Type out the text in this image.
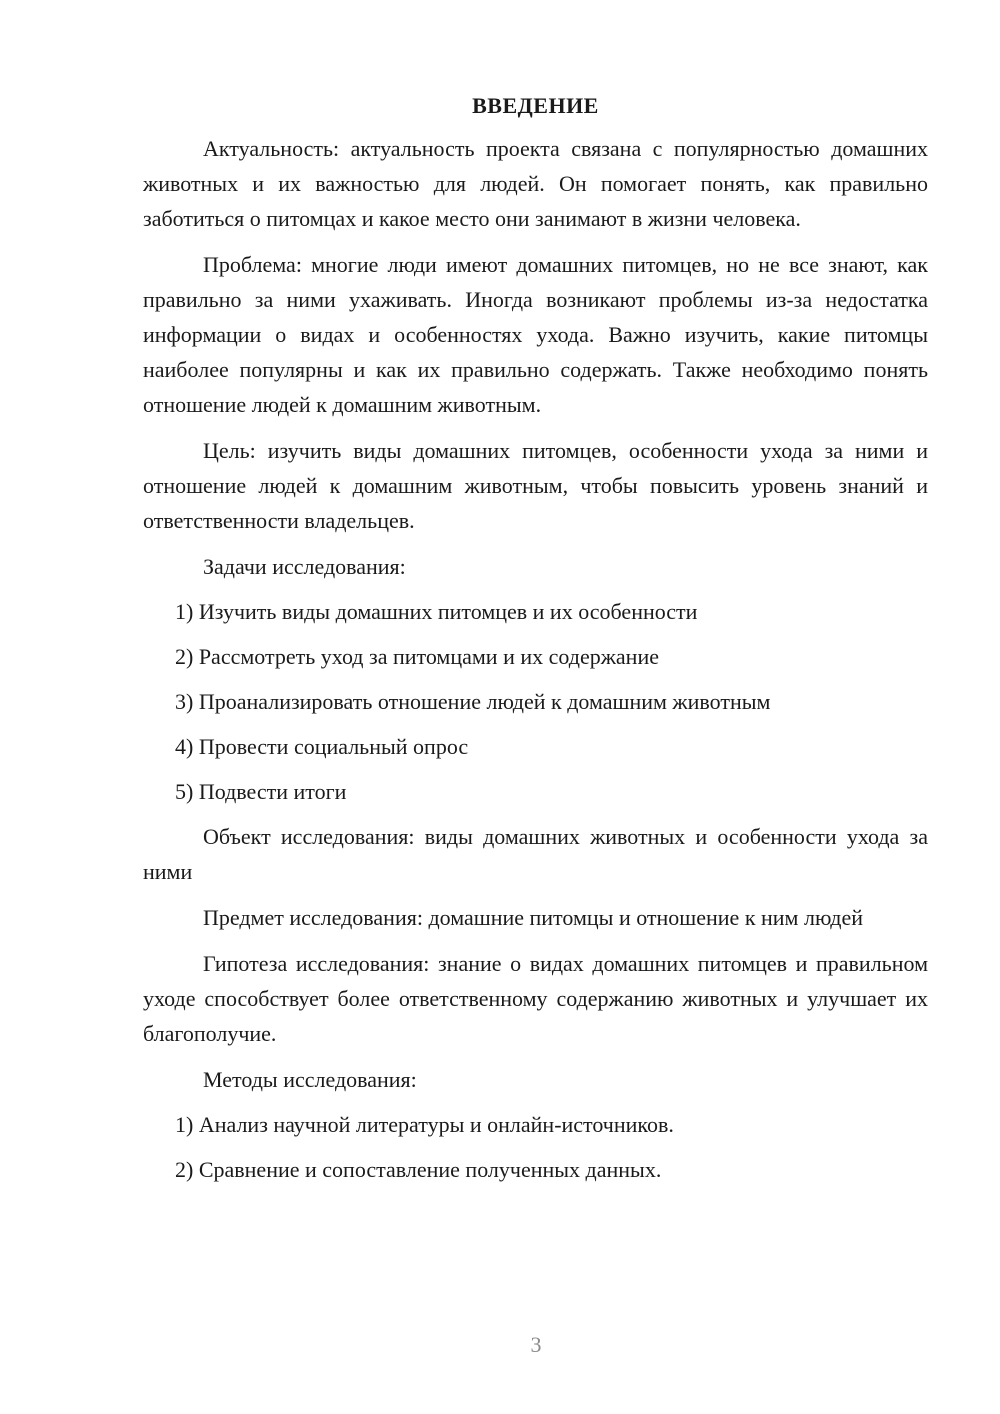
ВВЕДЕНИЕ

Актуальность: актуальность проекта связана с популярностью домашних животных и их важностью для людей. Он помогает понять, как правильно заботиться о питомцах и какое место они занимают в жизни человека.

Проблема: многие люди имеют домашних питомцев, но не все знают, как правильно за ними ухаживать. Иногда возникают проблемы из-за недостатка информации о видах и особенностях ухода. Важно изучить, какие питомцы наиболее популярны и как их правильно содержать. Также необходимо понять отношение людей к домашним животным.

Цель: изучить виды домашних питомцев, особенности ухода за ними и отношение людей к домашним животным, чтобы повысить уровень знаний и ответственности владельцев.

Задачи исследования:

1) Изучить виды домашних питомцев и их особенности
2) Рассмотреть уход за питомцами и их содержание
3) Проанализировать отношение людей к домашним животным
4) Провести социальный опрос
5) Подвести итоги

Объект исследования: виды домашних животных и особенности ухода за ними

Предмет исследования: домашние питомцы и отношение к ним людей

Гипотеза исследования: знание о видах домашних питомцев и правильном уходе способствует более ответственному содержанию животных и улучшает их благополучие.

Методы исследования:

1) Анализ научной литературы и онлайн-источников.
2) Сравнение и сопоставление полученных данных.
3
